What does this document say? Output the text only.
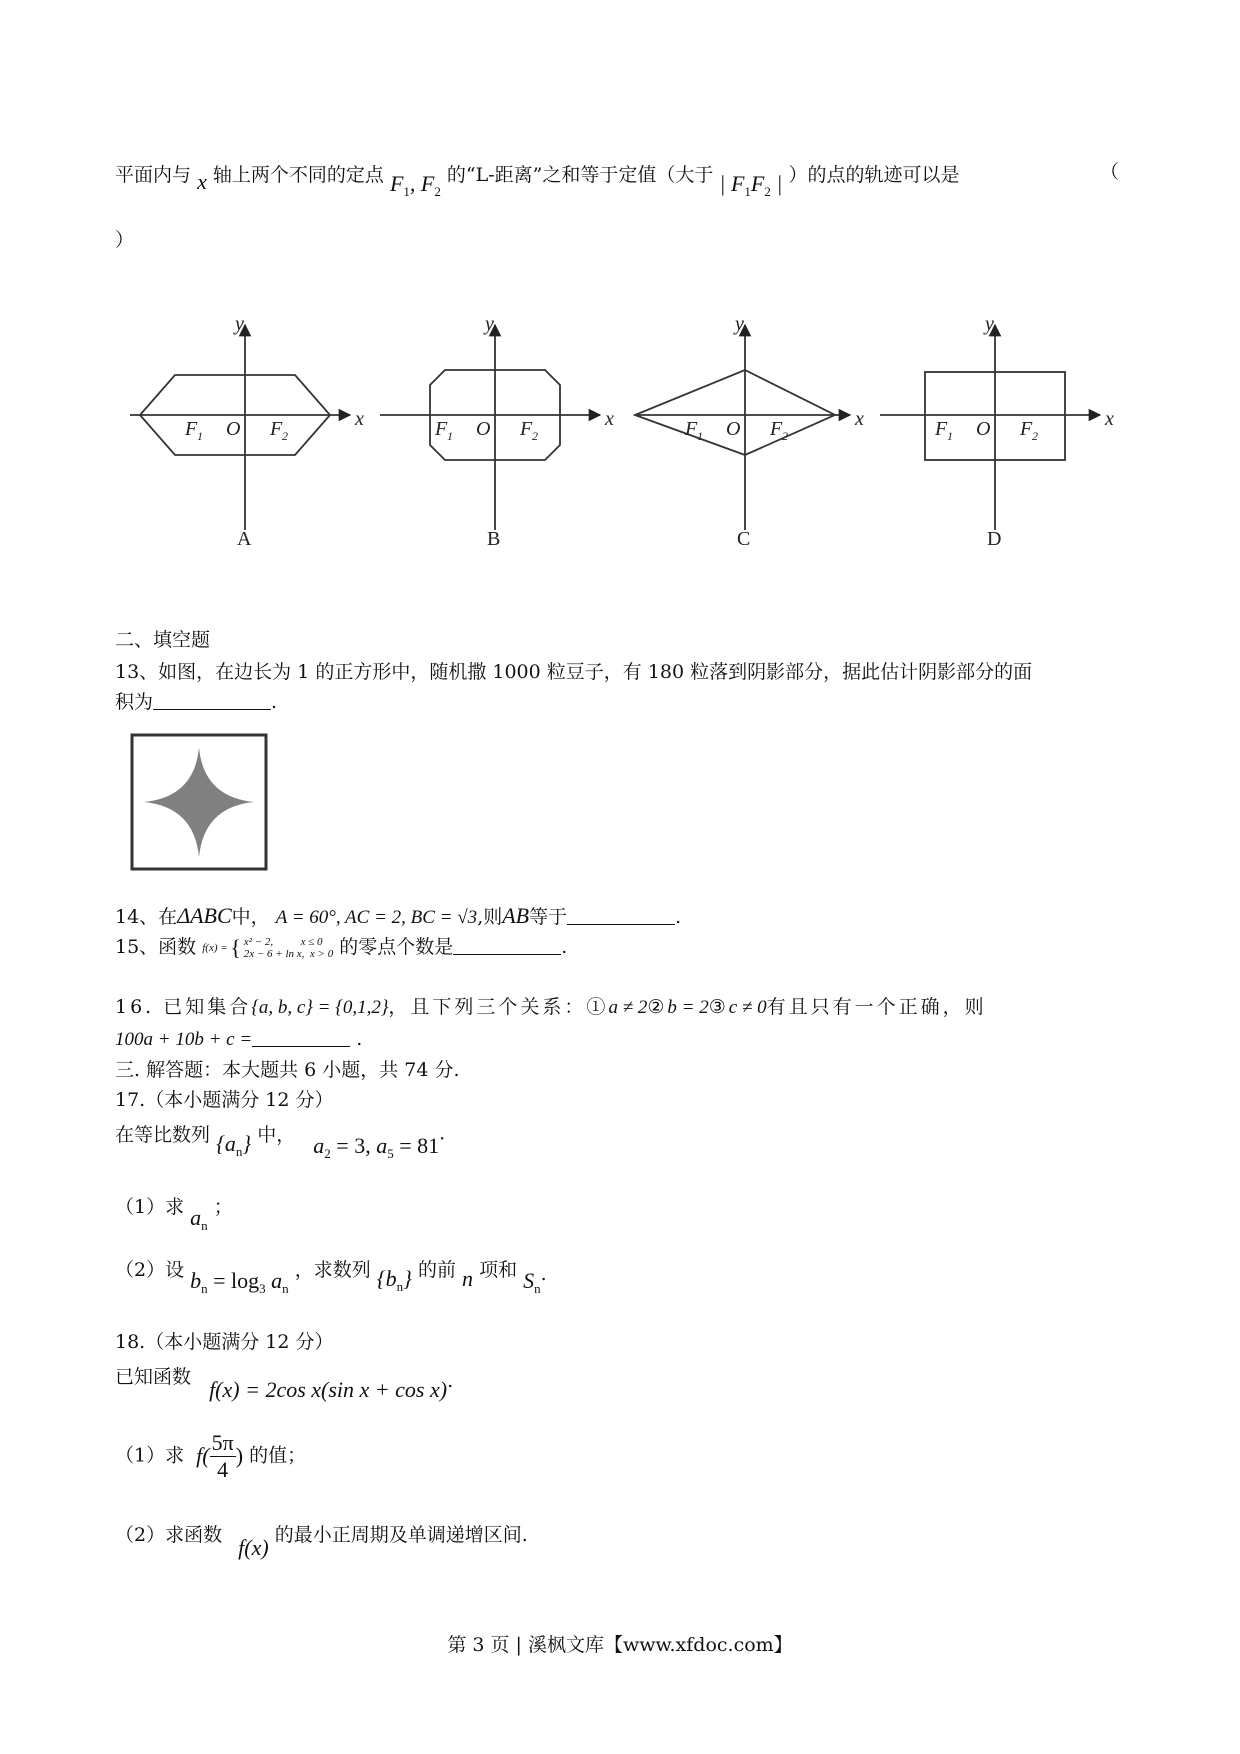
平面内与 x 轴上两个不同的定点 $F_1$, $F_2$ 的“L-距离”之和等于定值（大于 | $F_1F_2$ | ）的点的轨迹可以是	（
）
y
x
F 1 O F 2
y
x
F 1 O F 2
y
x
F 1 O F 2
y
x
F 1 O F 2
A	B	C	D
二、填空题
13、如图，在边长为 1 的正方形中，随机撒 1000 粒豆子，有 180 粒落到阴影部分，据此估计阴影部分的面
积为	.
14、在ΔABC中， A = 60°, AC = 2, BC = √3,则AB等于	.
15、函数 f(x) = { x² − 2,          x ≤ 0
2x − 6 + ln x,  x > 0 的零点个数是	.
16. 已知集合{a, b, c} = {0,1,2}，且下列三个关系：①a ≠ 2②b = 2③c ≠ 0有且只有一个正确，则
100a + 10b + c =	.
三. 解答题：本大题共 6 小题，共 74 分.
17.（本小题满分 12 分）
在等比数列 $\{a_n\}$ 中， $a_2 = 3$, $a_5 = 81\cdot$
（1）求 $a_n$ ；
（2）设 $b_n = \log_3 a_n$ ，求数列 $\{b_n\}$ 的前 n 项和 $S_n$.
18.（本小题满分 12 分）
已知函数 f(x) = 2cos x(sin x + cos x).
（1）求 $f( \frac{5\pi}{4}$ ) 的值；
（2）求函数 f(x) 的最小正周期及单调递增区间.
第 3 页 | 溪枫文库【www.xfdoc.com】
